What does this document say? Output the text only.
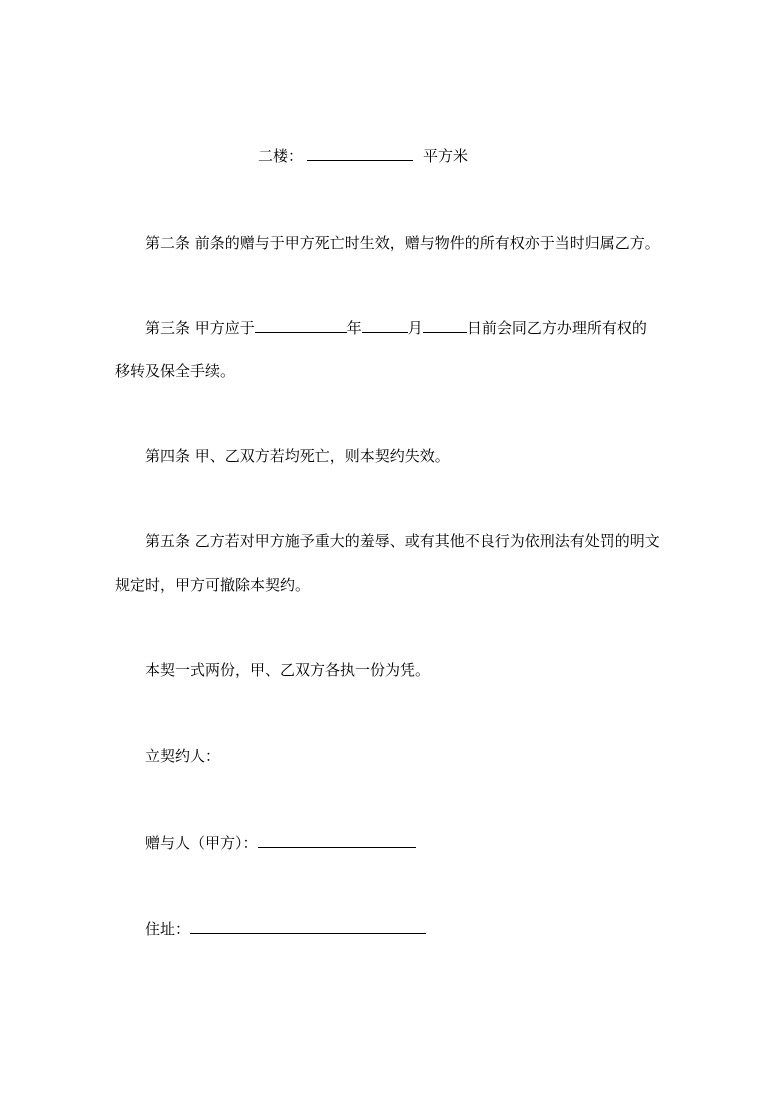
二楼：	平方米
第二条 前条的赠与于甲方死亡时生效，赠与物件的所有权亦于当时归属乙方。
第三条 甲方应于	年	月	日前会同乙方办理所有权的
移转及保全手续。
第四条 甲、乙双方若均死亡，则本契约失效。
第五条 乙方若对甲方施予重大的羞辱、或有其他不良行为依刑法有处罚的明文
规定时，甲方可撤除本契约。
本契一式两份，甲、乙双方各执一份为凭。
立契约人：
赠与人（甲方）：
住址：
